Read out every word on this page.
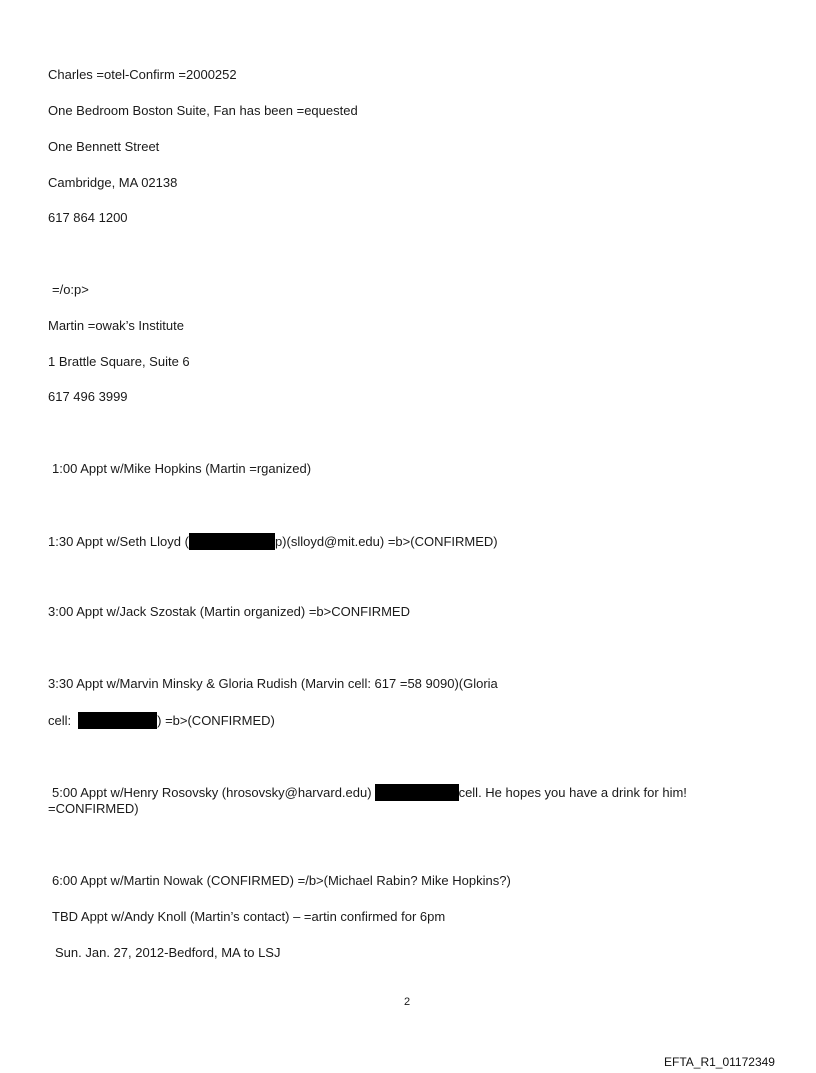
Charles =otel-Confirm =2000252
One Bedroom Boston Suite, Fan has been =equested
One Bennett Street
Cambridge, MA 02138
617 864 1200
=/o:p>
Martin =owak’s Institute
1 Brattle Square, Suite 6
617 496 3999
1:00 Appt w/Mike Hopkins (Martin =rganized)
1:30 Appt w/Seth Lloyd (	p)(slloyd@mit.edu) =b>(CONFIRMED)
3:00 Appt w/Jack Szostak (Martin organized) =b>CONFIRMED
3:30 Appt w/Marvin Minsky & Gloria Rudish (Marvin cell: 617 =58 9090)(Gloria
cell:	) =b>(CONFIRMED)
5:00 Appt w/Henry Rosovsky (hrosovsky@harvard.edu)	cell. He hopes you have a drink for him!
=CONFIRMED)
6:00 Appt w/Martin Nowak (CONFIRMED) =/b>(Michael Rabin? Mike Hopkins?)
TBD Appt w/Andy Knoll (Martin’s contact) – =artin confirmed for 6pm
Sun. Jan. 27, 2012-Bedford, MA to LSJ
2
EFTA_R1_01172349
